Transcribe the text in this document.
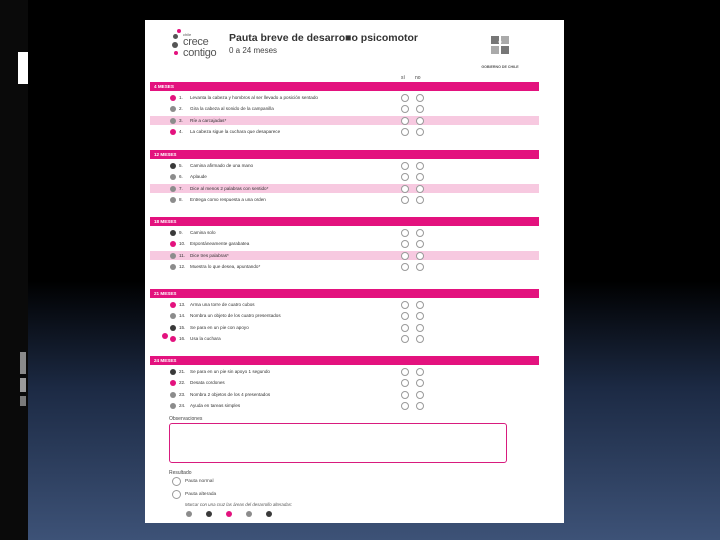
chile
crece
contigo
Pauta breve de desarro■o psicomotor
0 a 24 meses
GOBIERNO DE CHILE
sí no
4 MESES
1. Levanta la cabeza y hombros al ser llevado a posición sentado
2. Gira la cabeza al sonido de la campanilla
3. Ríe a carcajadas*
4. La cabeza sigue la cuchara que desaparece
12 MESES
5. Camina afirmado de una mano
6. Aplaude
7. Dice al menos 2 palabras con sentido*
8. Entrega como respuesta a una orden
18 MESES
9. Camina solo
10. Espontáneamente garabatea
11. Dice tres palabras*
12. Muestra lo que desea, apuntando*
21 MESES
13. Arma una torre de cuatro cubos
14. Nombra un objeto de los cuatro presentados
15. Se para en un pie con apoyo
16. Usa la cuchara
24 MESES
21. Se para en un pie sin apoyo 1 segundo
22. Desata cordones
23. Nombra 2 objetos de los 4 presentados
24. Ayuda en tareas simples
Observaciones
Resultado
Pauta normal
Pauta alterada
Marcar con una cruz las áreas del desarrollo alteradas:
